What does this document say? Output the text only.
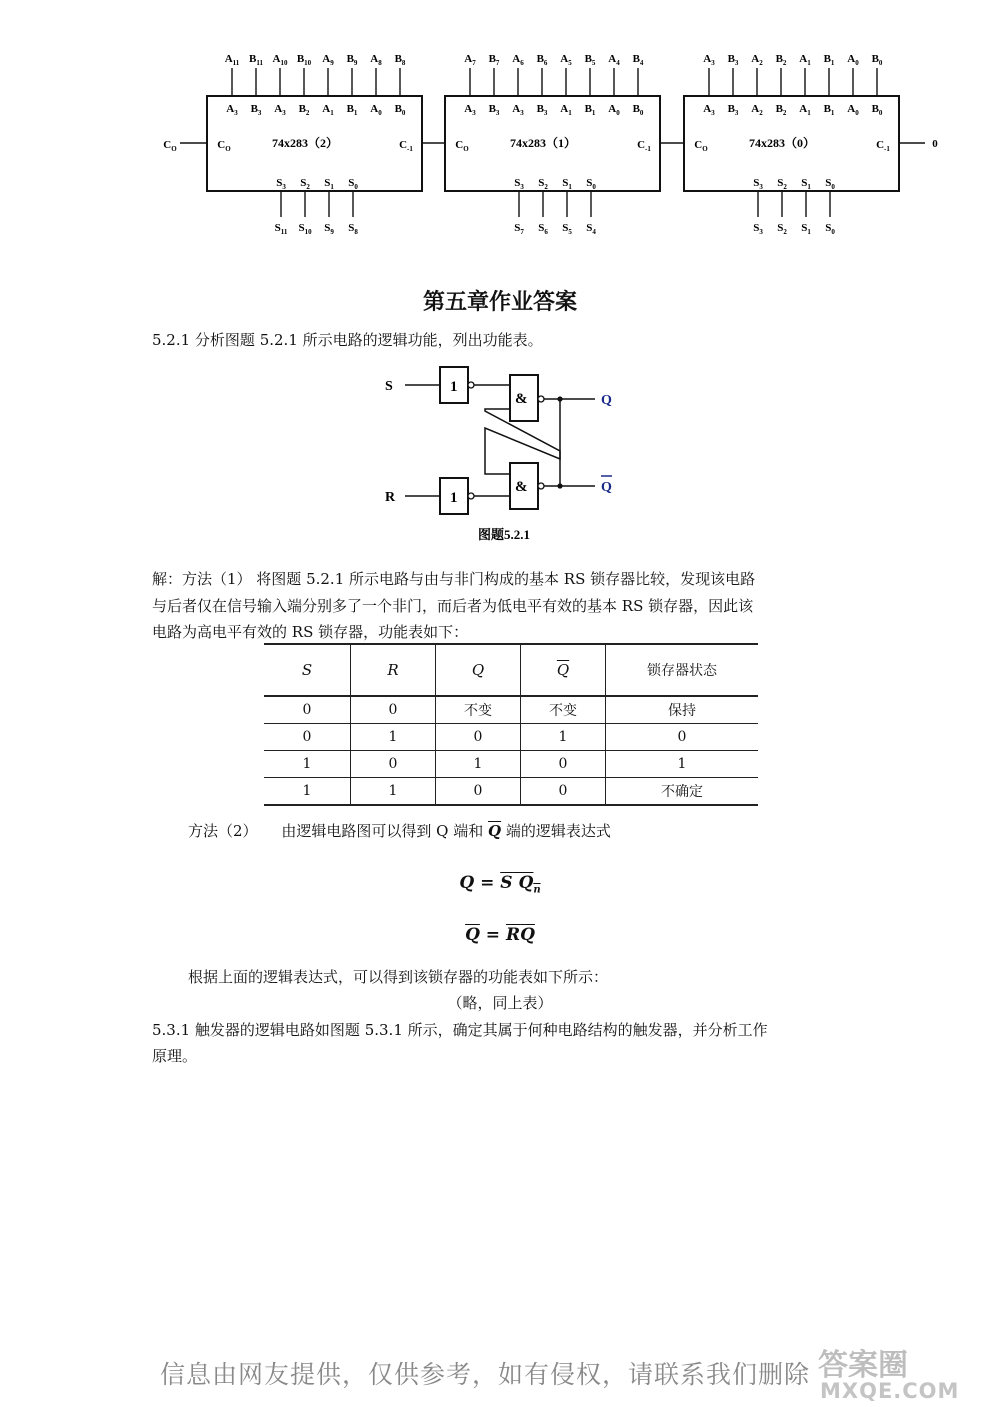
$A_{11}$
$A_3$
$B_{11}$
$B_3$
$A_{10}$
$A_3$
$B_{10}$
$B_2$
$A_9$
$A_1$
$B_9$
$B_1$
$A_8$
$A_0$
$B_8$
$B_0$
74x283（2）
$C_O$	$C_{-1}$
$S_3$
$S_{11}$
$S_2$
$S_{10}$
$S_1$
$S_9$
$S_0$
$S_8$
$A_7$
$A_3$
$B_7$
$B_3$
$A_6$
$A_3$
$B_6$
$B_3$
$A_5$
$A_1$
$B_5$
$B_1$
$A_4$
$A_0$
$B_4$
$B_0$
74x283（1）
$C_O$	$C_{-1}$
$S_3$
$S_7$
$S_2$
$S_6$
$S_1$
$S_5$
$S_0$
$S_4$
$A_3$
$A_3$
$B_3$
$B_3$
$A_2$
$A_2$
$B_2$
$B_2$
$A_1$
$A_1$
$B_1$
$B_1$
$A_0$
$A_0$
$B_0$
$B_0$
74x283（0）
$C_O$	$C_{-1}$
$S_3$
$S_3$
$S_2$
$S_2$
$S_1$
$S_1$
$S_0$
$S_0$
$C_O$	0
第五章作业答案
5.2.1 分析图题 5.2.1 所示电路的逻辑功能，列出功能表。
S	1
&	Q
R	1
&	Q
图题5.2.1
解：方法（1） 将图题 5.2.1 所示电路与由与非门构成的基本 RS 锁存器比较，发现该电路
与后者仅在信号输入端分别多了一个非门，而后者为低电平有效的基本 RS 锁存器，因此该
电路为高电平有效的 RS 锁存器，功能表如下：
S	R	Q	$\overline{Q}$	锁存器状态
0	0	不变	不变	保持
0	1	0	1	0
1	0	1	0	1
1	1	0	0	不确定
方法（2） 由逻辑电路图可以得到 Q 端和 $\overline{Q}$ 端的逻辑表达式
Q = S $Q_n$
$\overline{Q}$ = RQ
根据上面的逻辑表达式，可以得到该锁存器的功能表如下所示：
（略，同上表）
5.3.1 触发器的逻辑电路如图题 5.3.1 所示，确定其属于何种电路结构的触发器，并分析工作
原理。
信息由网友提供，仅供参考，如有侵权，请联系我们删除 答案圈
MXQE.COM
